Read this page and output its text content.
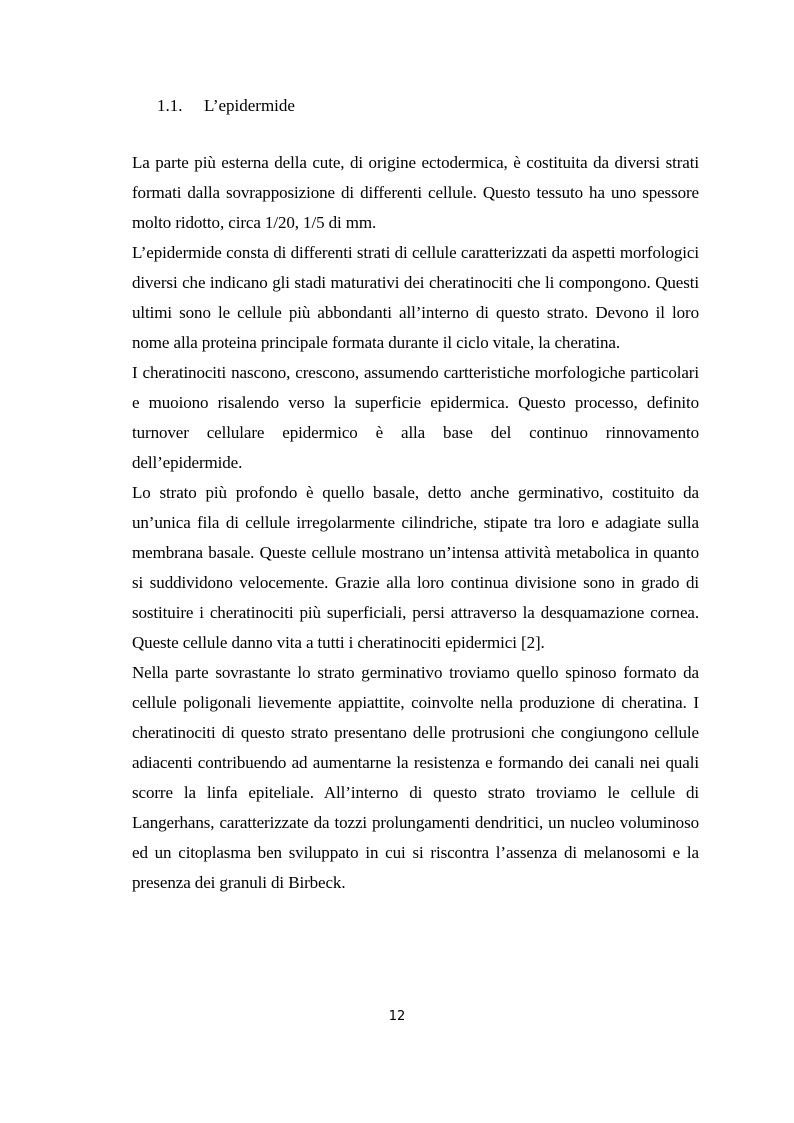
1.1. L’epidermide

La parte più esterna della cute, di origine ectodermica, è costituita da diversi strati formati dalla sovrapposizione di differenti cellule. Questo tessuto ha uno spessore molto ridotto, circa 1/20, 1/5 di mm.

L’epidermide consta di differenti strati di cellule caratterizzati da aspetti morfologici diversi che indicano gli stadi maturativi dei cheratinociti che li compongono. Questi ultimi sono le cellule più abbondanti all’interno di questo strato. Devono il loro nome alla proteina principale formata durante il ciclo vitale, la cheratina.

I cheratinociti nascono, crescono, assumendo cartteristiche morfologiche particolari e muoiono risalendo verso la superficie epidermica. Questo processo, definito turnover cellulare epidermico è alla base del continuo rinnovamento dell’epidermide.

Lo strato più profondo è quello basale, detto anche germinativo, costituito da un’unica fila di cellule irregolarmente cilindriche, stipate tra loro e adagiate sulla membrana basale. Queste cellule mostrano un’intensa attività metabolica in quanto si suddividono velocemente. Grazie alla loro continua divisione sono in grado di sostituire i cheratinociti più superficiali, persi attraverso la desquamazione cornea. Queste cellule danno vita a tutti i cheratinociti epidermici [2].

Nella parte sovrastante lo strato germinativo troviamo quello spinoso formato da cellule poligonali lievemente appiattite, coinvolte nella produzione di cheratina. I cheratinociti di questo strato presentano delle protrusioni che congiungono cellule adiacenti contribuendo ad aumentarne la resistenza e formando dei canali nei quali scorre la linfa epiteliale. All’interno di questo strato troviamo le cellule di Langerhans, caratterizzate da tozzi prolungamenti dendritici, un nucleo voluminoso ed un citoplasma ben sviluppato in cui si riscontra l’assenza di melanosomi e la presenza dei granuli di Birbeck.

12
